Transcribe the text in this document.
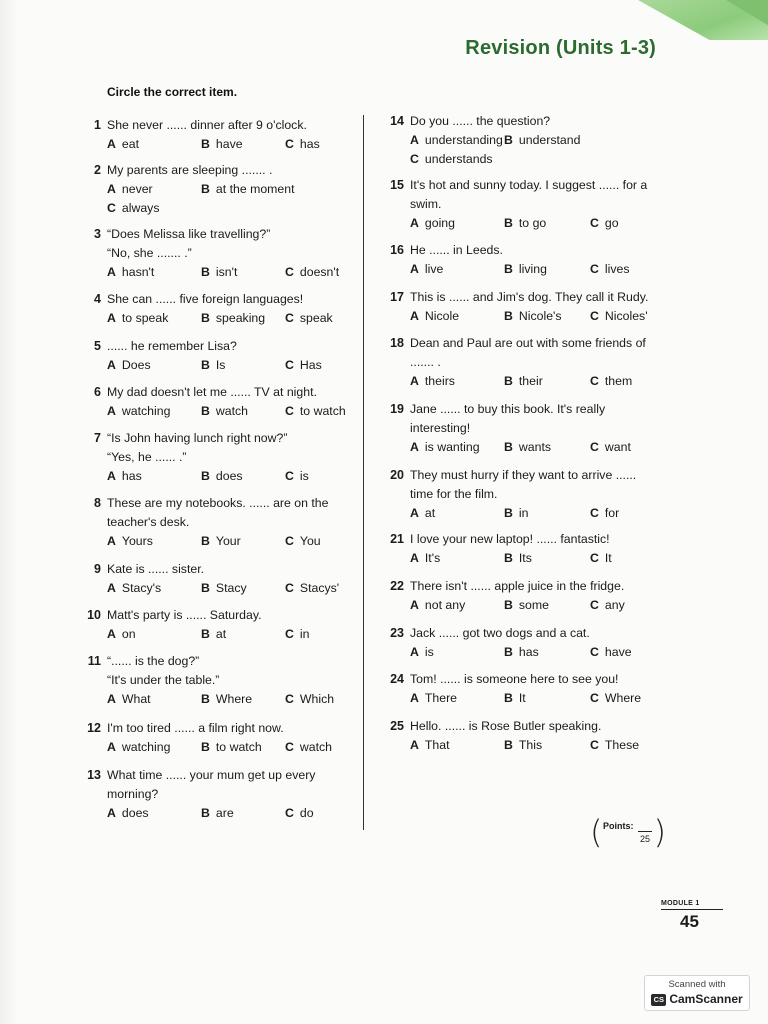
Revision (Units 1-3)
Circle the correct item.
1 She never ...... dinner after 9 o'clock.
A eat	B have	C has
2 My parents are sleeping ....... .
A never	B at the moment
C always
3 “Does Melissa like travelling?”
“No, she ....... .”
A hasn't	B isn't	C doesn't
4 She can ...... five foreign languages!
A to speak	B speaking C speak
5 ...... he remember Lisa?
A Does	B Is	C Has
6 My dad doesn't let me ...... TV at night.
A watching B watch	C to watch
7 “Is John having lunch right now?”
“Yes, he ...... .”
A has	B does	C is
8 These are my notebooks. ...... are on the
teacher's desk.
A Yours	B Your	C You
9 Kate is ...... sister.
A Stacy's	B Stacy	C Stacys'
10 Matt's party is ...... Saturday.
A on	B at	C in
11 “...... is the dog?”
“It's under the table.”
A What	B Where	C Which
12 I'm too tired ...... a film right now.
A watching B to watch C watch
13 What time ...... your mum get up every
morning?
A does	B are	C do
14 Do you ...... the question?
A understanding B understand
C understands
15 It's hot and sunny today. I suggest ...... for a
swim.
A going	B to go	C go
16 He ...... in Leeds.
A live	B living	C lives
17 This is ...... and Jim's dog. They call it Rudy.
A Nicole	B Nicole's C Nicoles'
18 Dean and Paul are out with some friends of
....... .
A theirs	B their	C them
19 Jane ...... to buy this book. It's really
interesting!
A is wanting B wants	C want
20 They must hurry if they want to arrive ......
time for the film.
A at	B in	C for
21 I love your new laptop! ...... fantastic!
A It's	B Its	C It
22 There isn't ...... apple juice in the fridge.
A not any	B some	C any
23 Jack ...... got two dogs and a cat.
A is	B has	C have
24 Tom! ...... is someone here to see you!
A There	B It	C Where
25 Hello. ...... is Rose Butler speaking.
A That	B This	C These
( Points:
25 )
MODULE 1
45
Scanned with
CS CamScanner
